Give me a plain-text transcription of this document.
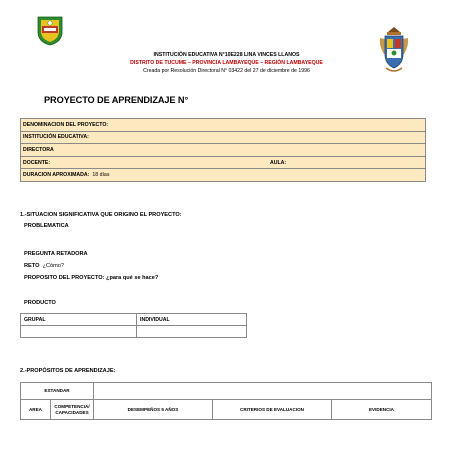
INSTITUCIÓN EDUCATIVA N°10E228 LINA VINCES LLANOS
DISTRITO DE TUCUME – PROVINCIA LAMBAYEQUE – REGIÓN LAMBAYEQUE
Creada por Resolución Directoral N° 03422 del 27 de diciembre de 1996
PROYECTO DE APRENDIZAJE N°
DENOMINACION DEL PROYECTO:
INSTITUCIÓN EDUCATIVA:
DIRECTORA
DOCENTE:	AULA:
DURACION APROXIMADA: 18 días
1.-SITUACION SIGNIFICATIVA QUE ORIGINO EL PROYECTO:
PROBLEMATICA
PREGUNTA RETADORA
RETO ¿Cómo?
PROPOSITO DEL PROYECTO: ¿para qué se hace?
PRODUCTO
GRUPAL	INDIVIDUAL

2.-PROPÓSITOS DE APRENDIZAJE:
ESTANDAR				
AREA	COMPETENCIA/ CAPACIDADES	DESEMPEÑOS 5 AÑOS	CRITERIOS DE EVALUACION	EVIDENCIA
